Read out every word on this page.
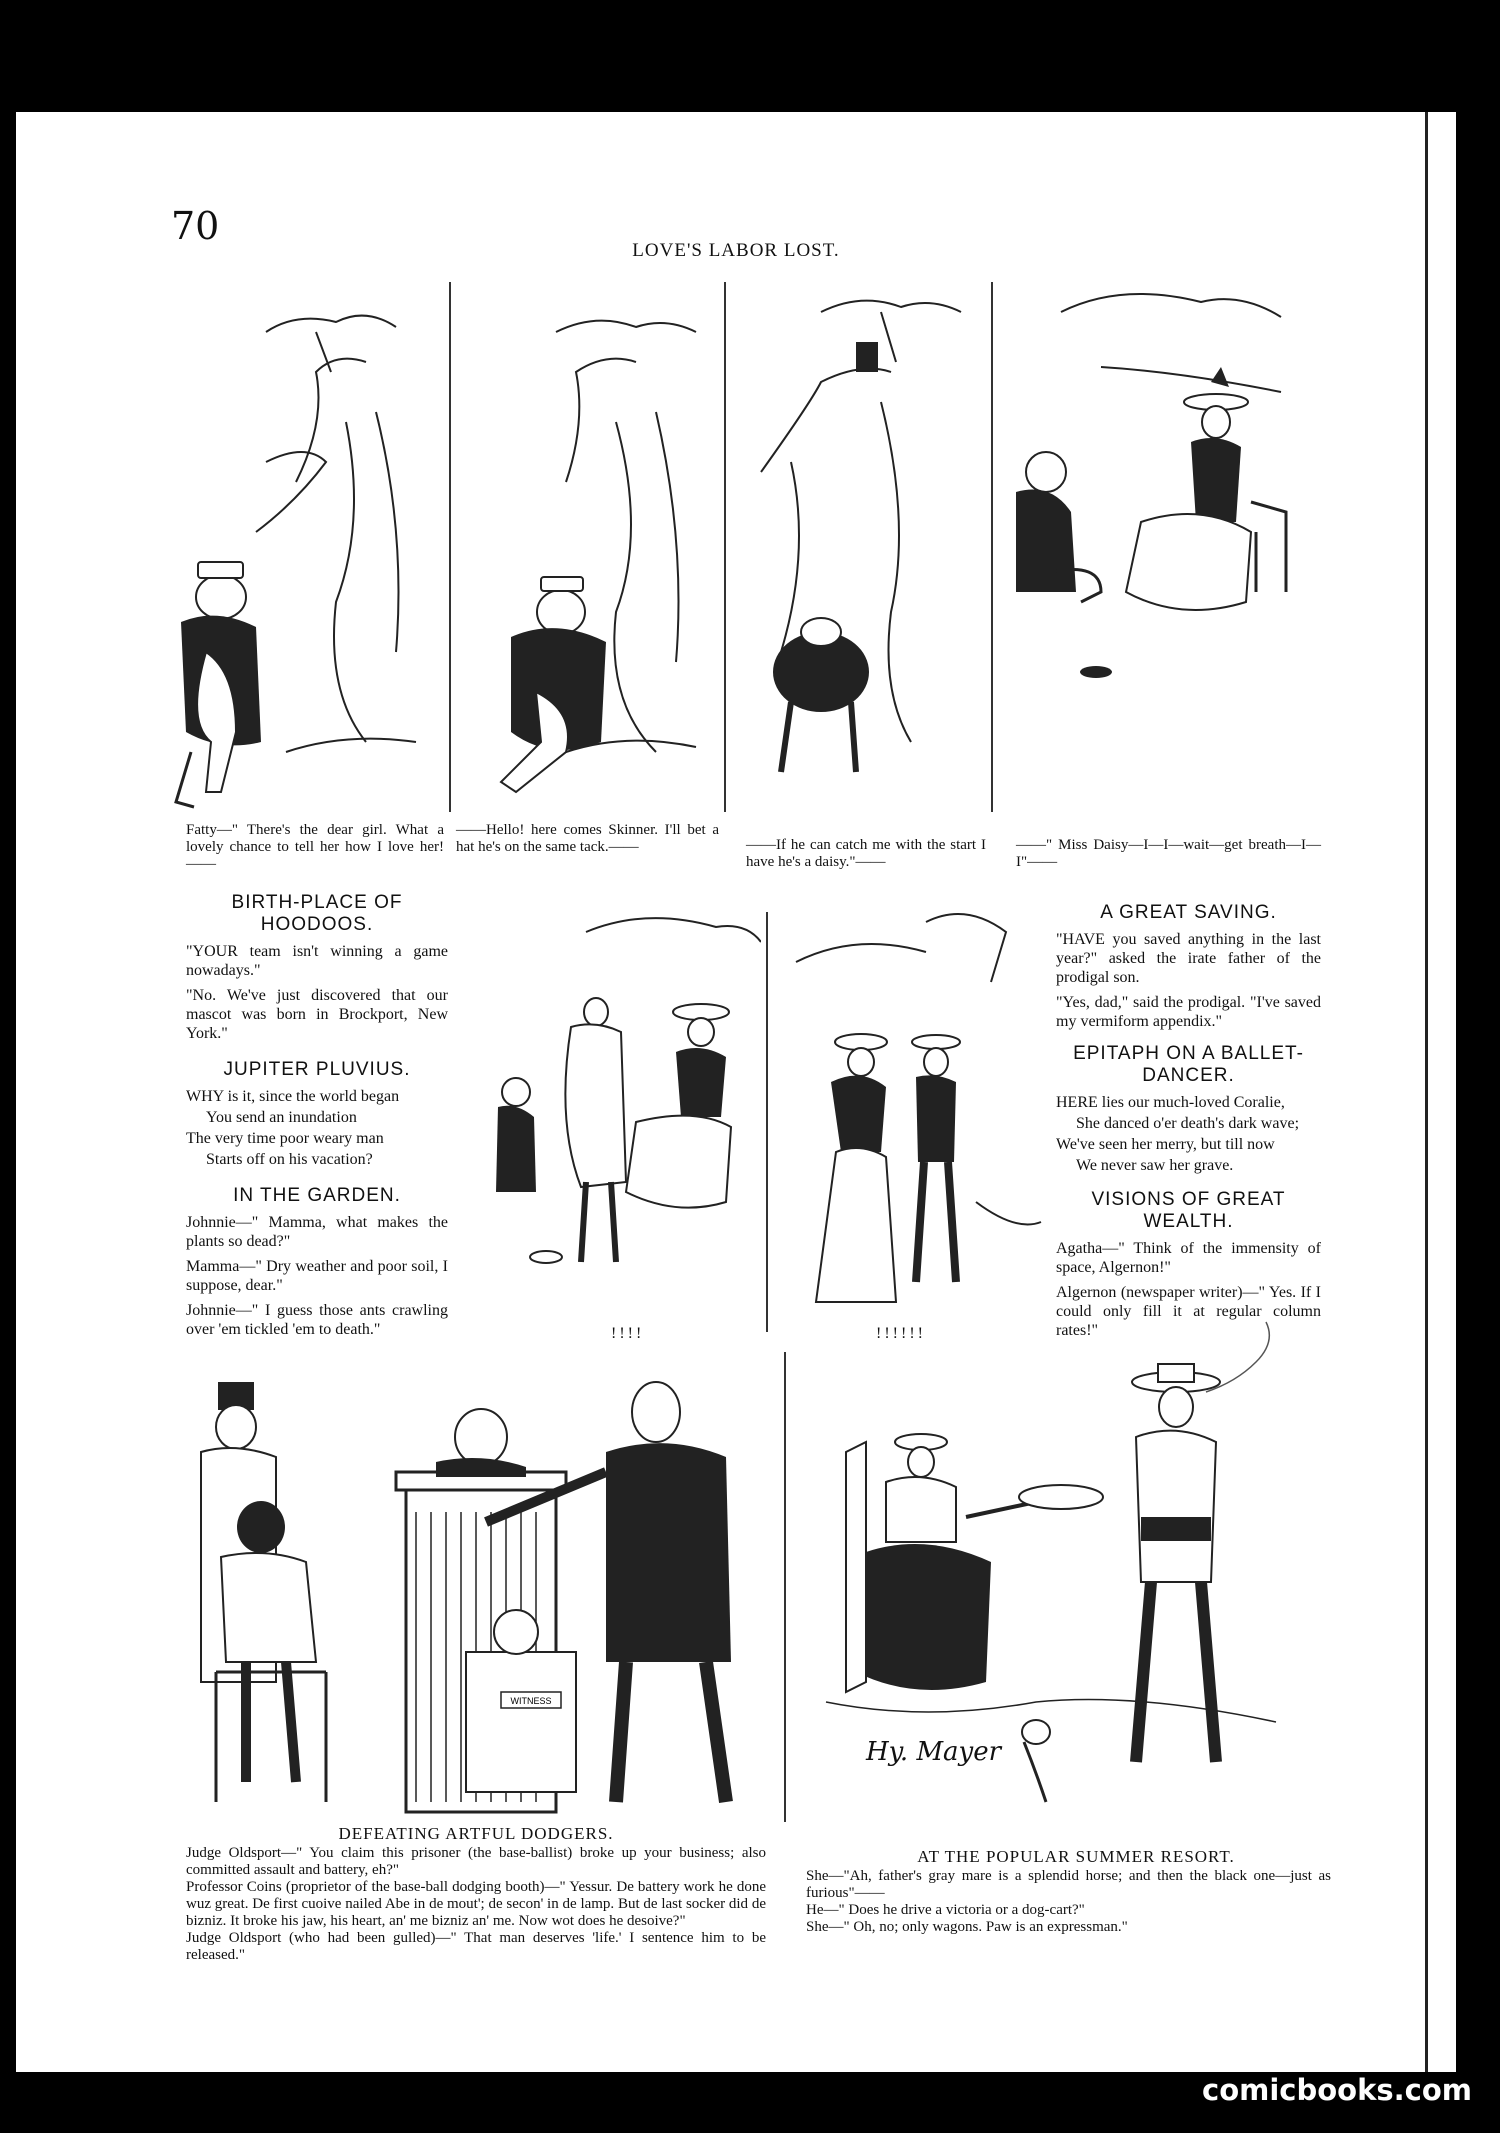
70
LOVE'S LABOR LOST.
Fatty—" There's the dear girl. What a lovely chance to tell her how I love her!——
——Hello! here comes Skinner. I'll bet a hat he's on the same tack.——	——If he can catch me with the start I have he's a daisy."——
——" Miss Daisy—I—I—wait—get breath—I—I"——
BIRTH-PLACE OF HOODOOS.

"YOUR team isn't winning a game nowadays."

"No. We've just discovered that our mascot was born in Brockport, New York."

JUPITER PLUVIUS.

WHY is it, since the world began

You send an inundation

The very time poor weary man

Starts off on his vacation?

IN THE GARDEN.

Johnnie—" Mamma, what makes the plants so dead?"

Mamma—" Dry weather and poor soil, I suppose, dear."

Johnnie—" I guess those ants crawling over 'em tickled 'em to death."	!!!!	!!!!!!
A GREAT SAVING.

"HAVE you saved anything in the last year?" asked the irate father of the prodigal son.

"Yes, dad," said the prodigal. "I've saved my vermiform appendix."

EPITAPH ON A BALLET-DANCER.

HERE lies our much-loved Coralie,

She danced o'er death's dark wave;

We've seen her merry, but till now

We never saw her grave.

VISIONS OF GREAT WEALTH.

Agatha—" Think of the immensity of space, Algernon!"

Algernon (newspaper writer)—" Yes. If I could only fill it at regular column rates!"

WITNESS
DEFEATING ARTFUL DODGERS.
Judge Oldsport—" You claim this prisoner (the base-ballist) broke up your business; also committed assault and battery, eh?"
Professor Coins (proprietor of the base-ball dodging booth)—" Yessur. De battery work he done wuz great. De first cuoive nailed Abe in de mout'; de secon' in de lamp. But de last socker did de bizniz. It broke his jaw, his heart, an' me bizniz an' me. Now wot does he desoive?"
Judge Oldsport (who had been gulled)—" That man deserves 'life.' I sentence him to be released."
Hy. Mayer
AT THE POPULAR SUMMER RESORT.
She—"Ah, father's gray mare is a splendid horse; and then the black one—just as furious"——
He—" Does he drive a victoria or a dog-cart?"
She—" Oh, no; only wagons. Paw is an expressman."
comicbooks.com
